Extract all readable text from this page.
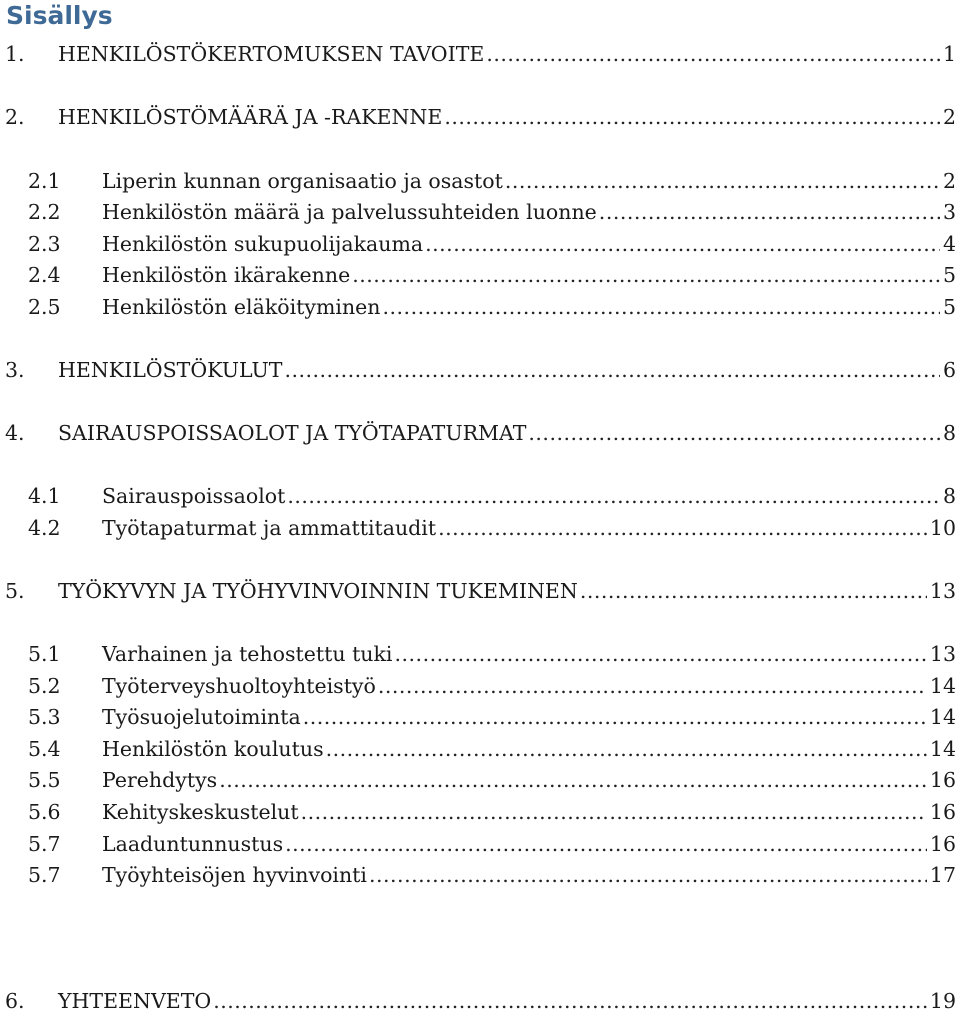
Sisällys
1.	HENKILÖSTÖKERTOMUKSEN TAVOITE .....	1
2.	HENKILÖSTÖMÄÄRÄ JA -RAKENNE .....	2
2.1	Liperin kunnan organisaatio ja osastot .....	2
2.2	Henkilöstön määrä ja palvelussuhteiden luonne .....	3
2.3	Henkilöstön sukupuolijakauma .....	4
2.4	Henkilöstön ikärakenne .....	5
2.5	Henkilöstön eläköityminen .....	5
3.	HENKILÖSTÖKULUT .....	6
4.	SAIRAUSPOISSAOLOT JA TYÖTAPATURMAT .....	8
4.1	Sairauspoissaolot .....	8
4.2	Työtapaturmat ja ammattitaudit .....	10
5.	TYÖKYVYN JA TYÖHYVINVOINNIN TUKEMINEN .....	13
5.1	Varhainen ja tehostettu tuki .....	13
5.2	Työterveyshuoltoyhteistyö .....	14
5.3	Työsuojelutoiminta .....	14
5.4	Henkilöstön koulutus .....	14
5.5	Perehdytys .....	16
5.6	Kehityskeskustelut .....	16
5.7	Laaduntunnustus .....	16
5.7	Työyhteisöjen hyvinvointi .....	17
6.	YHTEENVETO .....	19
